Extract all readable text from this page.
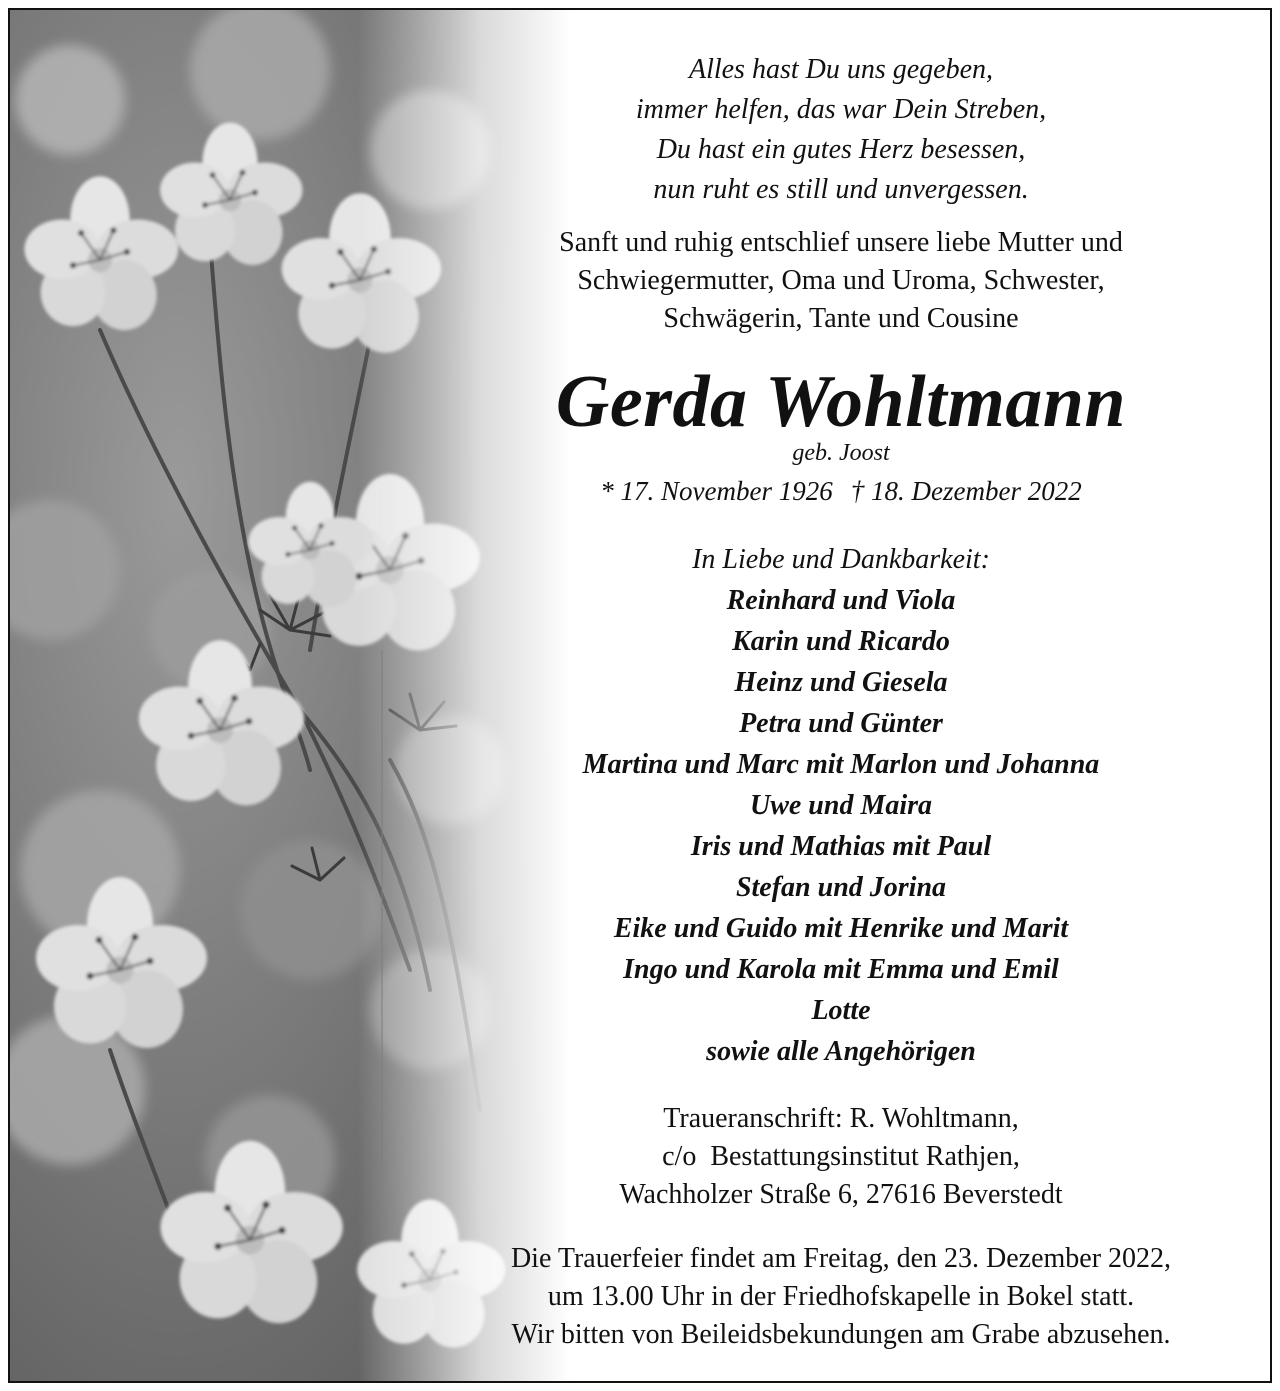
Alles hast Du uns gegeben,
immer helfen, das war Dein Streben,
Du hast ein gutes Herz besessen,
nun ruht es still und unvergessen.
Sanft und ruhig entschlief unsere liebe Mutter und
Schwiegermutter, Oma und Uroma, Schwester,
Schwägerin, Tante und Cousine
Gerda Wohltmann
geb. Joost
* 17. November 1926 † 18. Dezember 2022
In Liebe und Dankbarkeit:
Reinhard und Viola
Karin und Ricardo
Heinz und Giesela
Petra und Günter
Martina und Marc mit Marlon und Johanna
Uwe und Maira
Iris und Mathias mit Paul
Stefan und Jorina
Eike und Guido mit Henrike und Marit
Ingo und Karola mit Emma und Emil
Lotte
sowie alle Angehörigen
Traueranschrift: R. Wohltmann,
c/o  Bestattungsinstitut Rathjen,
Wachholzer Straße 6, 27616 Beverstedt
Die Trauerfeier findet am Freitag, den 23. Dezember 2022,
um 13.00 Uhr in der Friedhofskapelle in Bokel statt.
Wir bitten von Beileidsbekundungen am Grabe abzusehen.
